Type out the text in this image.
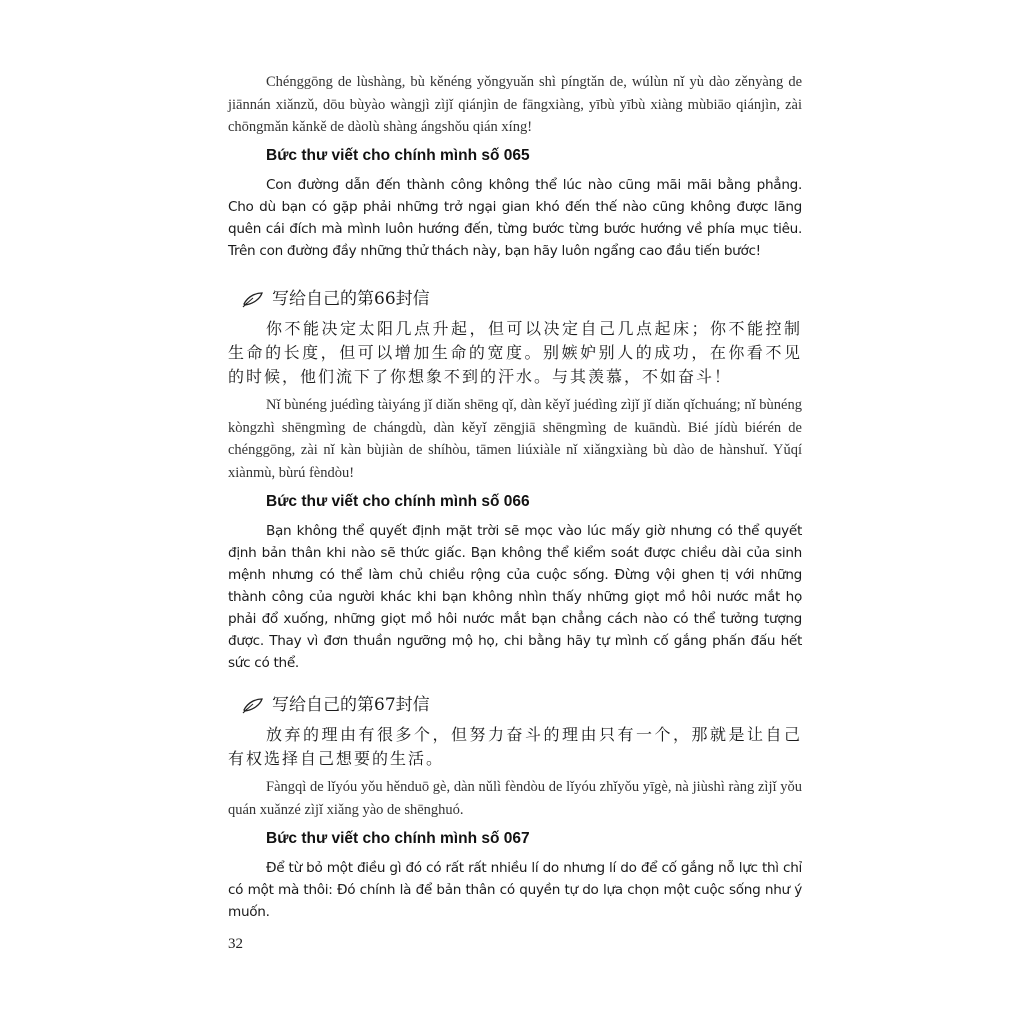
Chénggōng de lùshàng, bù kěnéng yǒngyuǎn shì píngtǎn de, wúlùn nǐ yù dào zěnyàng de jiānnán xiǎnzǔ, dōu bùyào wàngjì zìjǐ qiánjìn de fāngxiàng, yībù yībù xiàng mùbiāo qiánjìn, zài chōngmǎn kǎnkě de dàolù shàng ángshǒu qián xíng!

Bức thư viết cho chính mình số 065

Con đường dẫn đến thành công không thể lúc nào cũng mãi mãi bằng phẳng. Cho dù bạn có gặp phải những trở ngại gian khó đến thế nào cũng không được lãng quên cái đích mà mình luôn hướng đến, từng bước từng bước hướng về phía mục tiêu. Trên con đường đầy những thử thách này, bạn hãy luôn ngẩng cao đầu tiến bước!

写给自己的第66封信

你不能决定太阳几点升起，但可以决定自己几点起床；你不能控制生命的长度，但可以增加生命的宽度。别嫉妒别人的成功，在你看不见的时候，他们流下了你想象不到的汗水。与其羡慕，不如奋斗！

Nǐ bùnéng juédìng tàiyáng jǐ diǎn shēng qǐ, dàn kěyǐ juédìng zìjǐ jǐ diǎn qǐchuáng; nǐ bùnéng kòngzhì shēngmìng de chángdù, dàn kěyǐ zēngjiā shēngmìng de kuāndù. Bié jídù biérén de chénggōng, zài nǐ kàn bùjiàn de shíhòu, tāmen liúxiàle nǐ xiǎngxiàng bù dào de hànshuǐ. Yǔqí xiànmù, bùrú fèndòu!

Bức thư viết cho chính mình số 066

Bạn không thể quyết định mặt trời sẽ mọc vào lúc mấy giờ nhưng có thể quyết định bản thân khi nào sẽ thức giấc. Bạn không thể kiểm soát được chiều dài của sinh mệnh nhưng có thể làm chủ chiều rộng của cuộc sống. Đừng vội ghen tị với những thành công của người khác khi bạn không nhìn thấy những giọt mồ hôi nước mắt họ phải đổ xuống, những giọt mồ hôi nước mắt bạn chẳng cách nào có thể tưởng tượng được. Thay vì đơn thuần ngưỡng mộ họ, chi bằng hãy tự mình cố gắng phấn đấu hết sức có thể.

写给自己的第67封信

放弃的理由有很多个，但努力奋斗的理由只有一个，那就是让自己有权选择自己想要的生活。

Fàngqì de lǐyóu yǒu hěnduō gè, dàn nǔlì fèndòu de lǐyóu zhǐyǒu yīgè, nà jiùshì ràng zìjǐ yǒu quán xuǎnzé zìjǐ xiǎng yào de shēnghuó.

Bức thư viết cho chính mình số 067

Để từ bỏ một điều gì đó có rất rất nhiều lí do nhưng lí do để cố gắng nỗ lực thì chỉ có một mà thôi: Đó chính là để bản thân có quyền tự do lựa chọn một cuộc sống như ý muốn.

32
